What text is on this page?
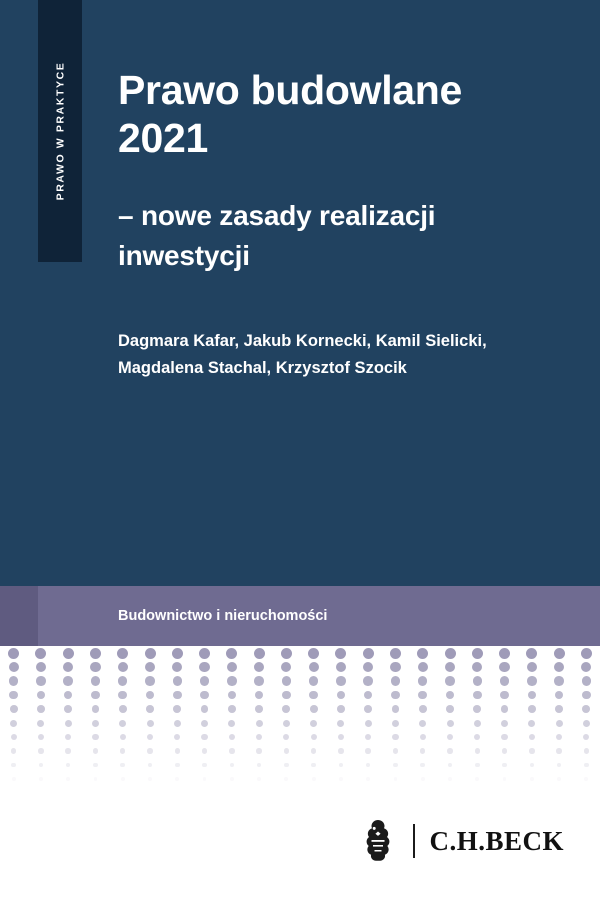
PRAWO W PRAKTYCE Prawo budowlane
2021
– nowe zasady realizacji
inwestycji
Dagmara Kafar, Jakub Kornecki, Kamil Sielicki,
Magdalena Stachal, Krzysztof Szocik
Budownictwo i nieruchomości
C.H.BECK
